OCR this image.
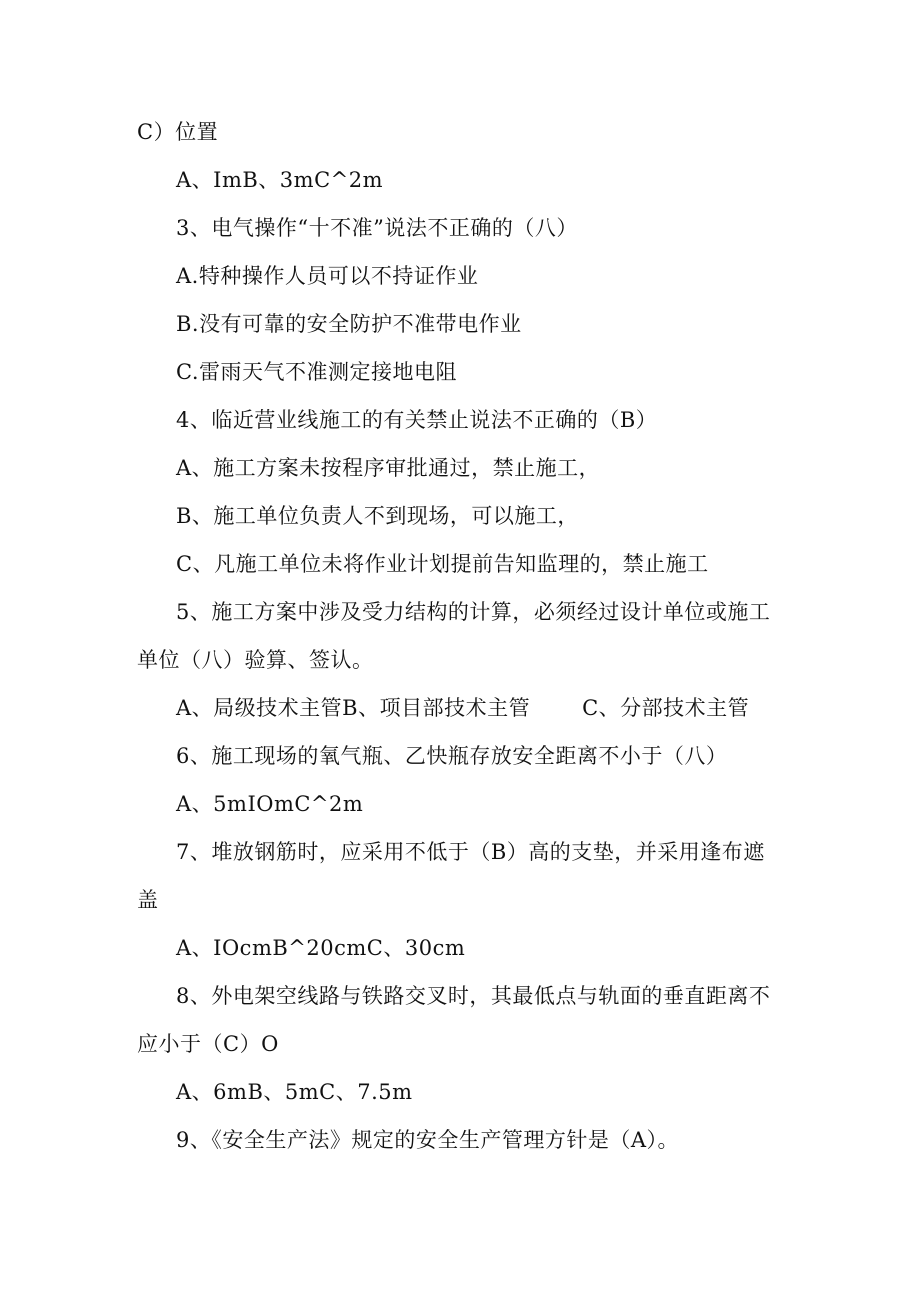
C）位置
A、ImB、3mC^2m
3、电气操作“十不准”说法不正确的（八）
A.特种操作人员可以不持证作业
B.没有可靠的安全防护不准带电作业
C.雷雨天气不准测定接地电阻
4、临近营业线施工的有关禁止说法不正确的（B）
A、施工方案未按程序审批通过，禁止施工，
B、施工单位负责人不到现场，可以施工，
C、凡施工单位未将作业计划提前告知监理的，禁止施工
5、施工方案中涉及受力结构的计算，必须经过设计单位或施工
单位（八）验算、签认。
A、局级技术主管B、项目部技术主管 C、分部技术主管
6、施工现场的氧气瓶、乙快瓶存放安全距离不小于（八）
A、5mIOmC^2m
7、堆放钢筋时，应采用不低于（B）高的支垫，并采用逢布遮
盖
A、IOcmB^20cmC、30cm
8、外电架空线路与铁路交叉时，其最低点与轨面的垂直距离不
应小于（C）O
A、6mB、5mC、7.5m
9、《安全生产法》规定的安全生产管理方针是（A）。
